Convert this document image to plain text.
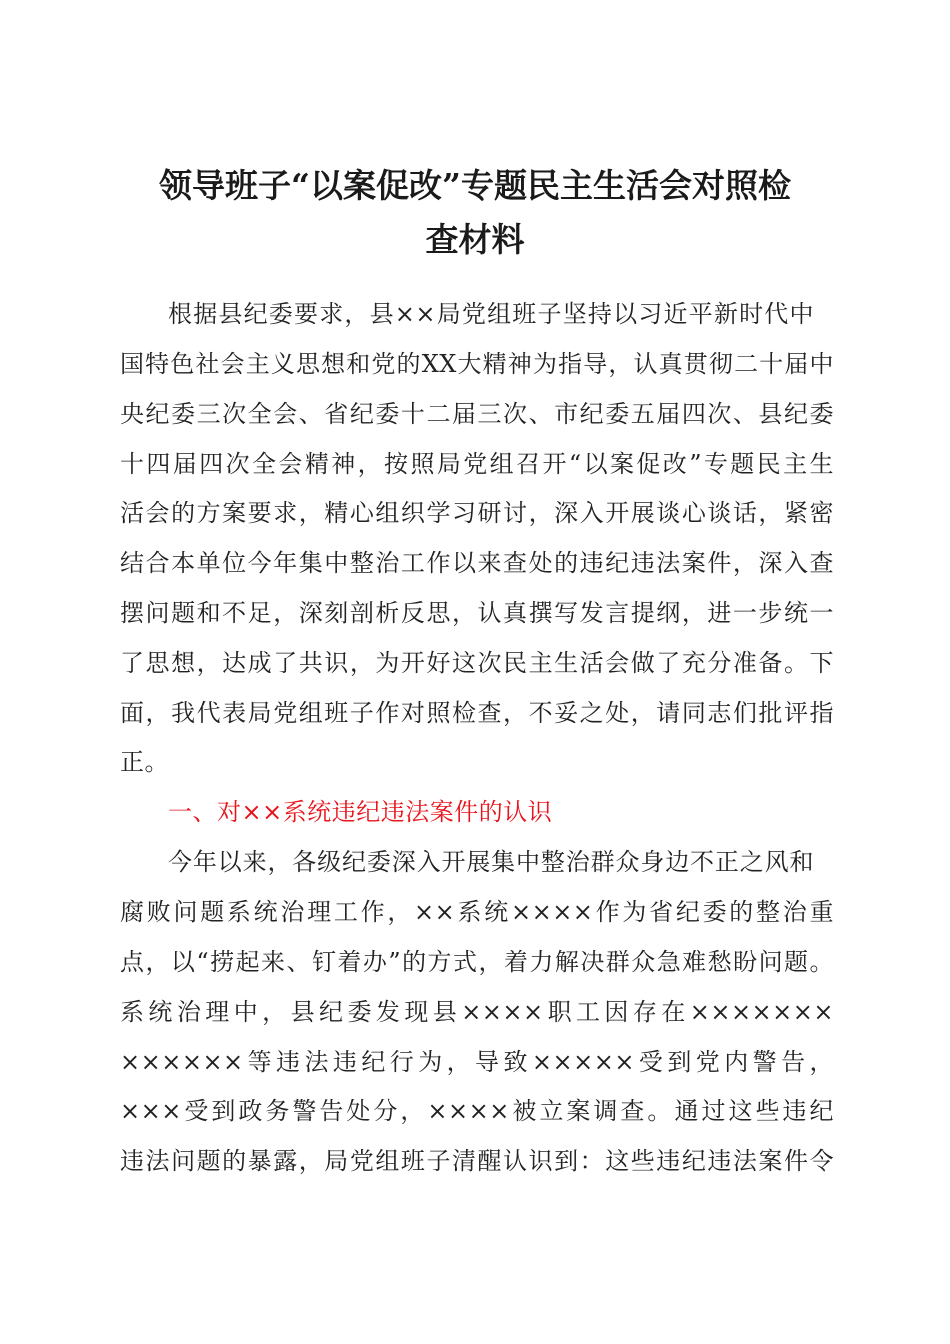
领导班子“以案促改”专题民主生活会对照检
查材料
根据县纪委要求，县××局党组班子坚持以习近平新时代中
国特色社会主义思想和党的XX大精神为指导，认真贯彻二十届中
央纪委三次全会、省纪委十二届三次、市纪委五届四次、县纪委
十四届四次全会精神，按照局党组召开“以案促改”专题民主生
活会的方案要求，精心组织学习研讨，深入开展谈心谈话，紧密
结合本单位今年集中整治工作以来查处的违纪违法案件，深入查
摆问题和不足，深刻剖析反思，认真撰写发言提纲，进一步统一
了思想，达成了共识，为开好这次民主生活会做了充分准备。下
面，我代表局党组班子作对照检查，不妥之处，请同志们批评指
正。
一、对××系统违纪违法案件的认识
今年以来，各级纪委深入开展集中整治群众身边不正之风和
腐败问题系统治理工作，××系统××××作为省纪委的整治重
点，以“捞起来、钉着办”的方式，着力解决群众急难愁盼问题。
系统治理中，县纪委发现县××××职工因存在×××××××
××××××等违法违纪行为，导致×××××受到党内警告，
×××受到政务警告处分，××××被立案调查。通过这些违纪
违法问题的暴露，局党组班子清醒认识到：这些违纪违法案件令
